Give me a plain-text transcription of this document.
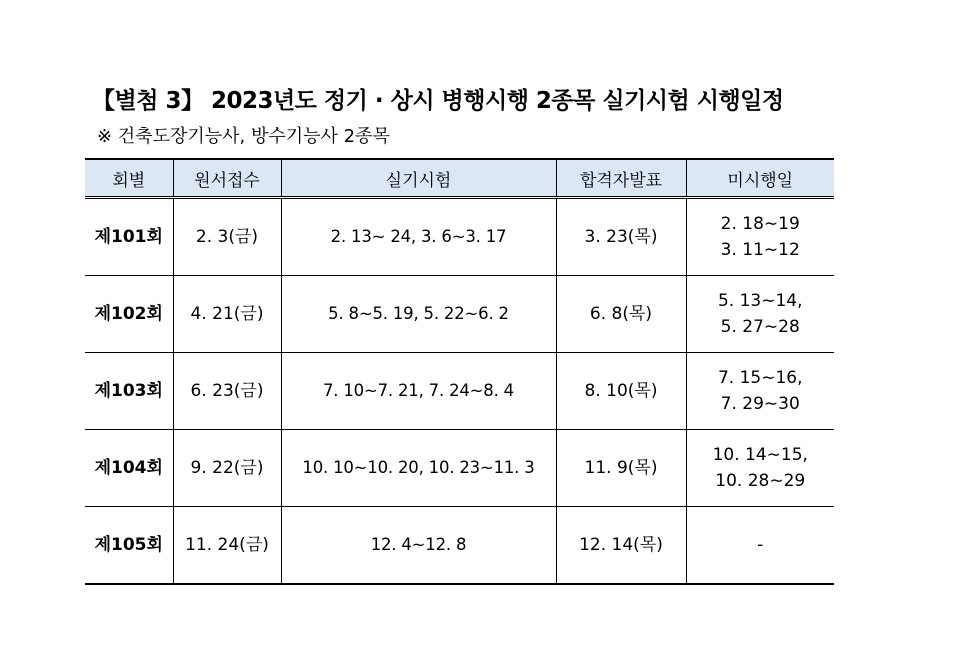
【별첨 3】 2023년도 정기 · 상시 병행시행 2종목 실기시험 시행일정
※ 건축도장기능사, 방수기능사 2종목
회별	원서접수	실기시험	합격자발표	미시행일
제101회	2. 3(금)	2. 13∼ 24, 3. 6∼3. 17	3. 23(목)	2. 18∼19
3. 11∼12

제102회	4. 21(금)	5. 8∼5. 19, 5. 22∼6. 2	6. 8(목)	5. 13∼14,
5. 27∼28

제103회	6. 23(금)	7. 10∼7. 21, 7. 24∼8. 4	8. 10(목)	7. 15∼16,
7. 29∼30

제104회	9. 22(금)	10. 10∼10. 20, 10. 23∼11. 3	11. 9(목)	10. 14∼15,
10. 28∼29

제105회	11. 24(금)	12. 4∼12. 8	12. 14(목)	-
